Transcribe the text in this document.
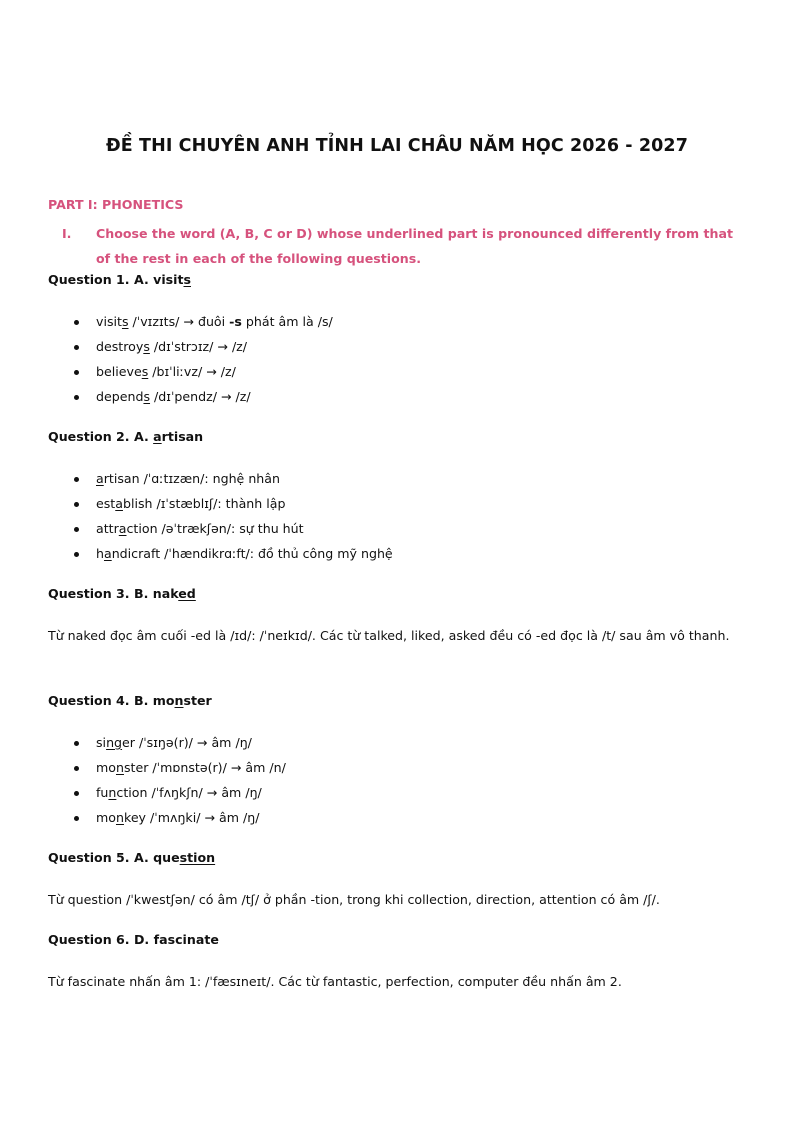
ĐỀ THI CHUYÊN ANH TỈNH LAI CHÂU NĂM HỌC 2026 - 2027
PART I: PHONETICS
I. Choose the word (A, B, C or D) whose underlined part is pronounced differently from that of the rest in each of the following questions.
Question 1. A. visits
visits /ˈvɪzɪts/ → đuôi -s phát âm là /s/
destroys /dɪˈstrɔɪz/ → /z/
believes /bɪˈliːvz/ → /z/
depends /dɪˈpendz/ → /z/
Question 2. A. artisan
artisan /ˈɑːtɪzæn/: nghệ nhân
establish /ɪˈstæblɪʃ/: thành lập
attraction /əˈtrækʃən/: sự thu hút
handicraft /ˈhændikrɑːft/: đồ thủ công mỹ nghệ
Question 3. B. naked
Từ naked đọc âm cuối -ed là /ɪd/: /ˈneɪkɪd/. Các từ talked, liked, asked đều có -ed đọc là /t/ sau âm vô thanh.
Question 4. B. monster
singer /ˈsɪŋə(r)/ → âm /ŋ/
monster /ˈmɒnstə(r)/ → âm /n/
function /ˈfʌŋkʃn/ → âm /ŋ/
monkey /ˈmʌŋki/ → âm /ŋ/
Question 5. A. question
Từ question /ˈkwestʃən/ có âm /tʃ/ ở phần -tion, trong khi collection, direction, attention có âm /ʃ/.
Question 6. D. fascinate
Từ fascinate nhấn âm 1: /ˈfæsɪneɪt/. Các từ fantastic, perfection, computer đều nhấn âm 2.
